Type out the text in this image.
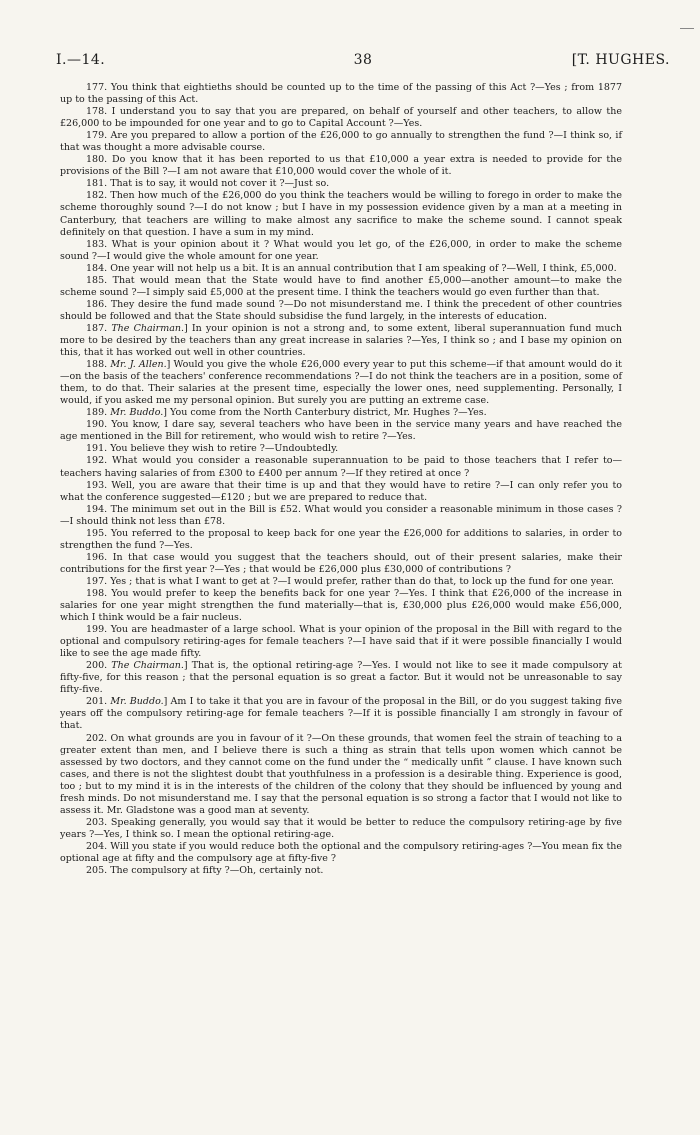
I.—14.	38	[T. HUGHES.

177. You think that eightieths should be counted up to the time of the passing of this Act ?—Yes ; from 1877 up to the passing of this Act.

178. I understand you to say that you are prepared, on behalf of yourself and other teachers, to allow the £26,000 to be impounded for one year and to go to Capital Account ?—Yes.

179. Are you prepared to allow a portion of the £26,000 to go annually to strengthen the fund ?—I think so, if that was thought a more advisable course.

180. Do you know that it has been reported to us that £10,000 a year extra is needed to provide for the provisions of the Bill ?—I am not aware that £10,000 would cover the whole of it.

181. That is to say, it would not cover it ?—Just so.

182. Then how much of the £26,000 do you think the teachers would be willing to forego in order to make the scheme thoroughly sound ?—I do not know ; but I have in my possession evidence given by a man at a meeting in Canterbury, that teachers are willing to make almost any sacrifice to make the scheme sound. I cannot speak definitely on that question. I have a sum in my mind.

183. What is your opinion about it ? What would you let go, of the £26,000, in order to make the scheme sound ?—I would give the whole amount for one year.

184. One year will not help us a bit. It is an annual contribution that I am speaking of ?—Well, I think, £5,000.

185. That would mean that the State would have to find another £5,000—another amount—to make the scheme sound ?—I simply said £5,000 at the present time. I think the teachers would go even further than that.

186. They desire the fund made sound ?—Do not misunderstand me. I think the precedent of other countries should be followed and that the State should subsidise the fund largely, in the interests of education.

187. The Chairman.] In your opinion is not a strong and, to some extent, liberal superannuation fund much more to be desired by the teachers than any great increase in salaries ?—Yes, I think so ; and I base my opinion on this, that it has worked out well in other countries.

188. Mr. J. Allen.] Would you give the whole £26,000 every year to put this scheme—if that amount would do it—on the basis of the teachers' conference recommendations ?—I do not think the teachers are in a position, some of them, to do that. Their salaries at the present time, especially the lower ones, need supplementing. Personally, I would, if you asked me my personal opinion. But surely you are putting an extreme case.

189. Mr. Buddo.] You come from the North Canterbury district, Mr. Hughes ?—Yes.

190. You know, I dare say, several teachers who have been in the service many years and have reached the age mentioned in the Bill for retirement, who would wish to retire ?—Yes.

191. You believe they wish to retire ?—Undoubtedly.

192. What would you consider a reasonable superannuation to be paid to those teachers that I refer to—teachers having salaries of from £300 to £400 per annum ?—If they retired at once ?

193. Well, you are aware that their time is up and that they would have to retire ?—I can only refer you to what the conference suggested—£120 ; but we are prepared to reduce that.

194. The minimum set out in the Bill is £52. What would you consider a reasonable minimum in those cases ?—I should think not less than £78.

195. You referred to the proposal to keep back for one year the £26,000 for additions to salaries, in order to strengthen the fund ?—Yes.

196. In that case would you suggest that the teachers should, out of their present salaries, make their contributions for the first year ?—Yes ; that would be £26,000 plus £30,000 of contributions ?

197. Yes ; that is what I want to get at ?—I would prefer, rather than do that, to lock up the fund for one year.

198. You would prefer to keep the benefits back for one year ?—Yes. I think that £26,000 of the increase in salaries for one year might strengthen the fund materially—that is, £30,000 plus £26,000 would make £56,000, which I think would be a fair nucleus.

199. You are headmaster of a large school. What is your opinion of the proposal in the Bill with regard to the optional and compulsory retiring-ages for female teachers ?—I have said that if it were possible financially I would like to see the age made fifty.

200. The Chairman.] That is, the optional retiring-age ?—Yes. I would not like to see it made compulsory at fifty-five, for this reason ; that the personal equation is so great a factor. But it would not be unreasonable to say fifty-five.

201. Mr. Buddo.] Am I to take it that you are in favour of the proposal in the Bill, or do you suggest taking five years off the compulsory retiring-age for female teachers ?—If it is possible financially I am strongly in favour of that.

202. On what grounds are you in favour of it ?—On these grounds, that women feel the strain of teaching to a greater extent than men, and I believe there is such a thing as strain that tells upon women which cannot be assessed by two doctors, and they cannot come on the fund under the “ medically unfit ” clause. I have known such cases, and there is not the slightest doubt that youthfulness in a profession is a desirable thing. Experience is good, too ; but to my mind it is in the interests of the children of the colony that they should be influenced by young and fresh minds. Do not misunderstand me. I say that the personal equation is so strong a factor that I would not like to assess it. Mr. Gladstone was a good man at seventy.

203. Speaking generally, you would say that it would be better to reduce the compulsory retiring-age by five years ?—Yes, I think so. I mean the optional retiring-age.

204. Will you state if you would reduce both the optional and the compulsory retiring-ages ?—You mean fix the optional age at fifty and the compulsory age at fifty-five ?

205. The compulsory at fifty ?—Oh, certainly not.
